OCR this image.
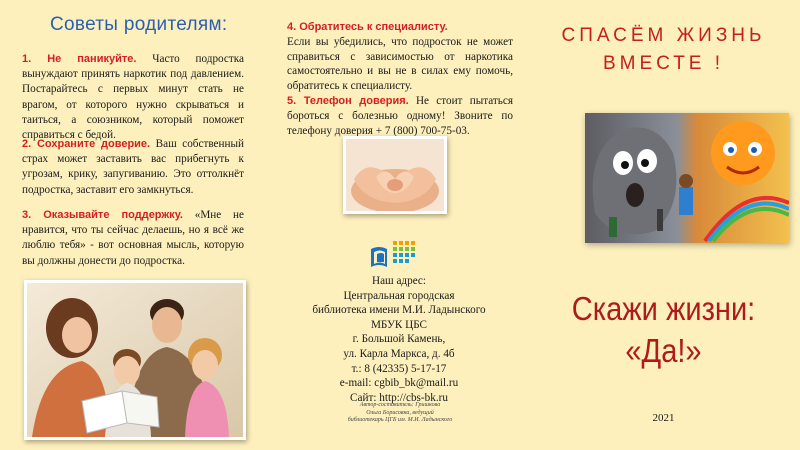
Советы родителям:
1. Не паникуйте. Часто подростка вынуждают принять наркотик под давлением. Постарайтесь с первых минут стать не врагом, от которого нужно скрываться и таиться, а союзником, который поможет справиться с бедой.
2. Сохраните доверие. Ваш собственный страх может заставить вас прибегнуть к угрозам, крику, запугиванию. Это оттолкнёт подростка, заставит его замкнуться.
3. Оказывайте поддержку. «Мне не нравится, что ты сейчас делаешь, но я всё же люблю тебя» - вот основная мысль, которую вы должны донести до подростка.
4. Обратитесь к специалисту.
Если вы убедились, что подросток не может справиться с зависимостью от наркотика самостоятельно и вы не в силах ему помочь, обратитесь к специалисту.
5. Телефон доверия. Не стоит пытаться бороться с болезнью одному! Звоните по телефону доверия + 7 (800) 700-75-03.
Наш адрес:
Центральная городская
библиотека имени М.И. Ладынского
МБУК ЦБС
г. Большой Камень,
ул. Карла Маркса, д. 4б
т.: 8 (42335) 5-17-17
e-mail: cgbib_bk@mail.ru
Сайт: http://cbs-bk.ru
Автор-составитель: Гришкова
Ольга Борисовна, ведущий
библиотекарь ЦГБ им. М.И. Ладынского
СПАСЁМ ЖИЗНЬ
ВМЕСТЕ !
Скажи жизни:
«Да!»
2021
